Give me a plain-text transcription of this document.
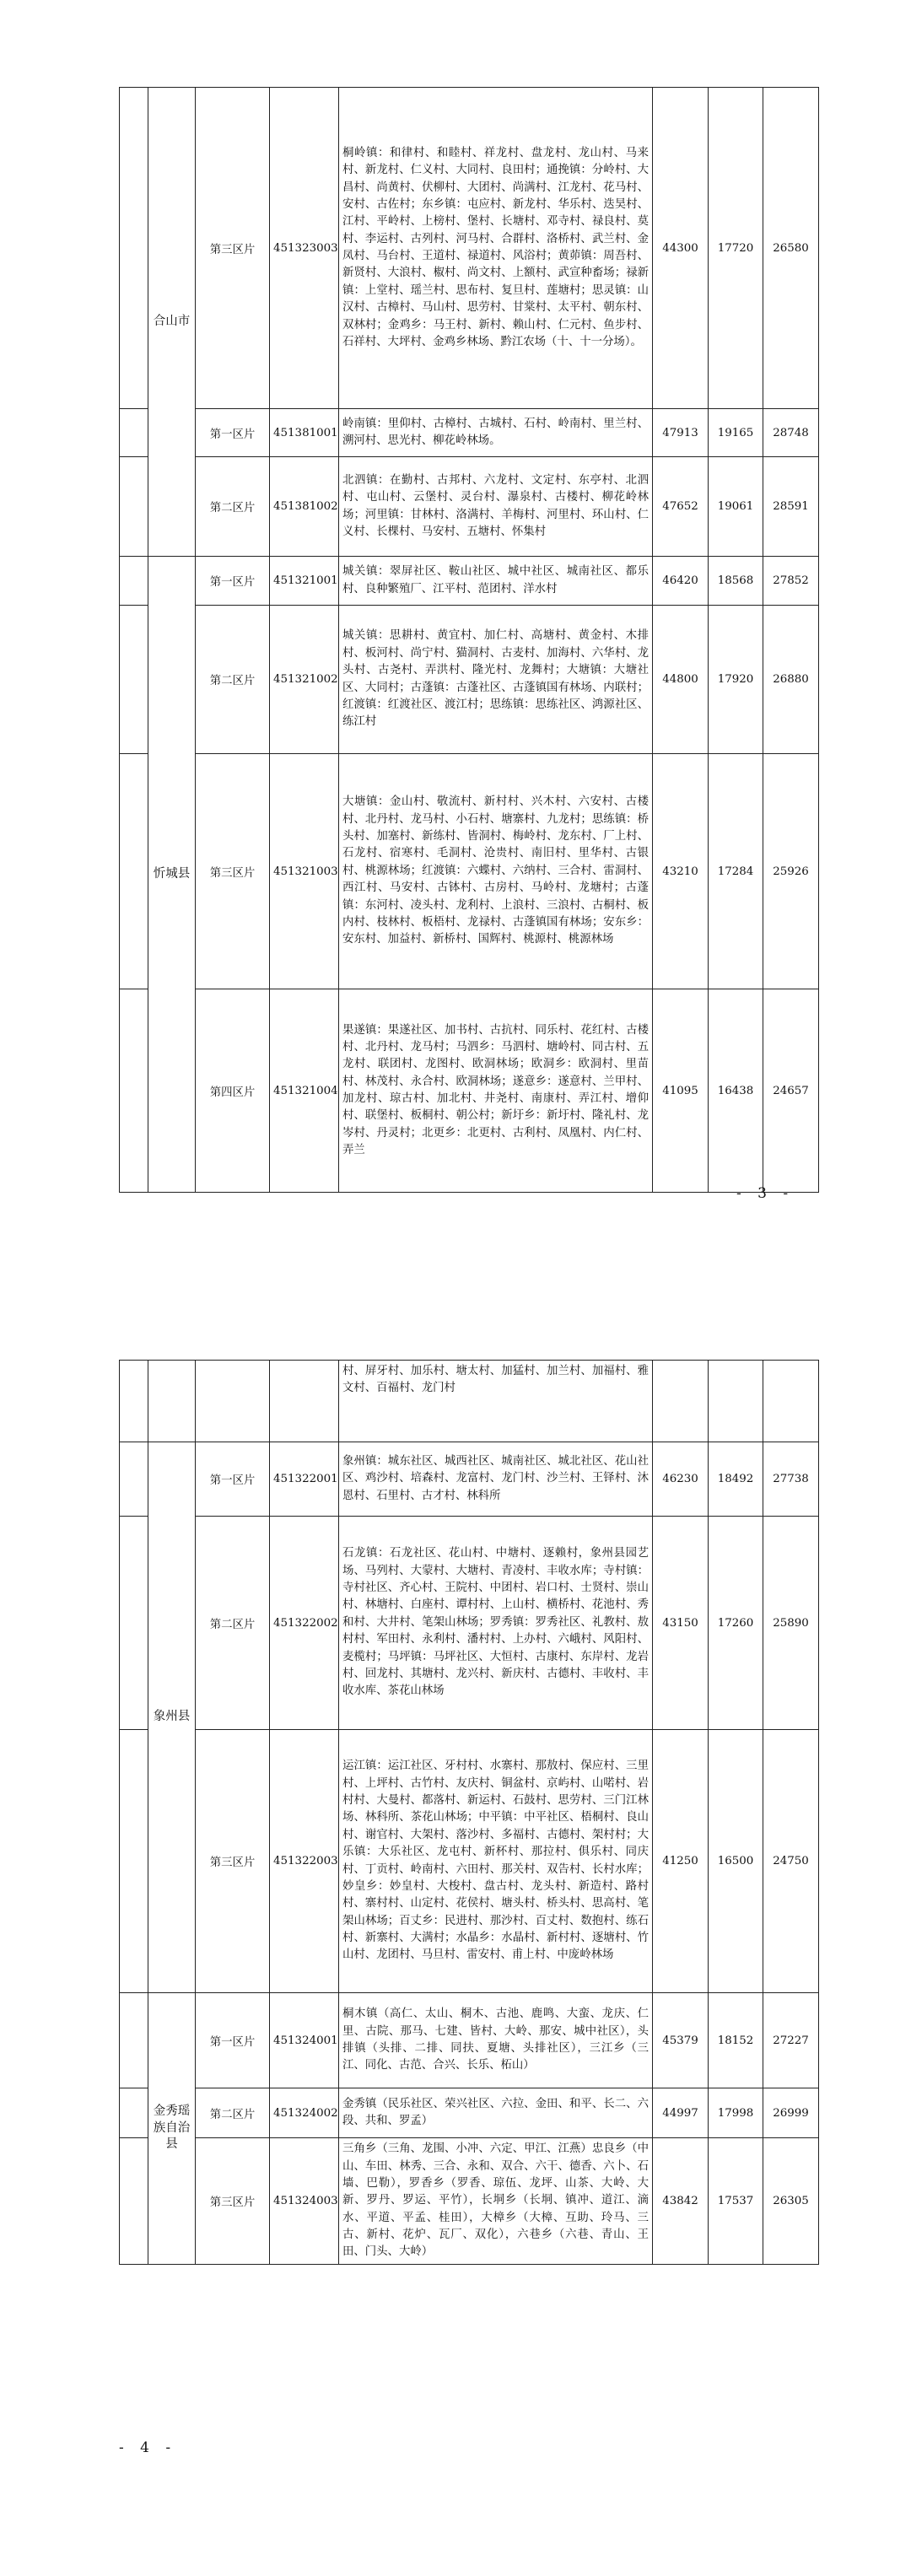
	合山市	第三区片	451323003	桐岭镇：和律村、和睦村、祥龙村、盘龙村、龙山村、马来村、新龙村、仁义村、大同村、良田村；通挽镇：分岭村、大昌村、尚黄村、伏柳村、大团村、尚满村、江龙村、花马村、安村、古佐村；东乡镇：屯应村、新龙村、华乐村、迭昊村、江村、平岭村、上榜村、堡村、长塘村、邓寺村、禄良村、莫村、李运村、古列村、河马村、合群村、洛桥村、武兰村、金凤村、马台村、王道村、禄道村、风浴村；黄茆镇：周吾村、新贤村、大浪村、椒村、尚文村、上额村、武宣种畜场；禄新镇：上堂村、瑶兰村、思布村、复旦村、莲塘村；思灵镇：山汉村、古樟村、马山村、思劳村、甘棠村、太平村、朝东村、双林村；金鸡乡：马王村、新村、赖山村、仁元村、鱼步村、石祥村、大坪村、金鸡乡林场、黔江农场（十、十一分场）。	44300	17720	26580
		第一区片	451381001	岭南镇：里仰村、古樟村、古城村、石村、岭南村、里兰村、溯河村、思光村、柳花岭林场。	47913	19165	28748
		第二区片	451381002	北泗镇：在勤村、古邦村、六龙村、文定村、东亭村、北泗村、屯山村、云堡村、灵台村、瀑泉村、古楼村、柳花岭林场；河里镇：甘林村、洛满村、羊梅村、河里村、环山村、仁义村、长棵村、马安村、五塘村、怀集村	47652	19061	28591
	忻城县	第一区片	451321001	城关镇：翠屏社区、鞍山社区、城中社区、城南社区、都乐村、良种繁殖厂、江平村、范团村、洋水村	46420	18568	27852
		第二区片	451321002	城关镇：思耕村、黄宜村、加仁村、高塘村、黄金村、木排村、板河村、尚宁村、猫洞村、古麦村、加海村、六华村、龙头村、古尧村、弄洪村、隆光村、龙舞村；大塘镇：大塘社区、大同村；古蓬镇：古蓬社区、古蓬镇国有林场、内联村；红渡镇：红渡社区、渡江村；思练镇：思练社区、鸿源社区、练江村	44800	17920	26880
		第三区片	451321003	大塘镇：金山村、敬流村、新村村、兴木村、六安村、古楼村、北丹村、龙马村、小石村、塘寨村、九龙村；思练镇：桥头村、加塞村、新练村、皆洞村、梅岭村、龙东村、厂上村、石龙村、宿寒村、毛洞村、沧贵村、南旧村、里华村、古银村、桃源林场；红渡镇：六蝶村、六纳村、三合村、雷洞村、西江村、马安村、古钵村、古房村、马岭村、龙塘村；古蓬镇：东河村、凌头村、龙利村、上浪村、三浪村、古桐村、板内村、枝林村、板梧村、龙禄村、古蓬镇国有林场；安东乡：安东村、加益村、新桥村、国辉村、桃源村、桃源林场	43210	17284	25926
		第四区片	451321004	果遂镇：果遂社区、加书村、古抗村、同乐村、花红村、古楼村、北丹村、龙马村；马泗乡：马泗村、塘岭村、同古村、五龙村、联团村、龙图村、欧洞林场；欧洞乡：欧洞村、里苗村、林茂村、永合村、欧洞林场；遂意乡：遂意村、兰甲村、加龙村、琼古村、加北村、井尧村、南康村、弄江村、增仰村、联堡村、板桐村、朝公村；新圩乡：新圩村、隆礼村、龙岑村、丹灵村；北更乡：北更村、古利村、凤凰村、内仁村、弄兰	41095	16438	24657
- 3 -
				村、屏牙村、加乐村、塘太村、加猛村、加兰村、加福村、雅文村、百福村、龙门村			
	象州县	第一区片	451322001	象州镇：城东社区、城西社区、城南社区、城北社区、花山社区、鸡沙村、培森村、龙富村、龙门村、沙兰村、王铎村、沐恩村、石里村、古才村、林科所	46230	18492	27738
		第二区片	451322002	石龙镇：石龙社区、花山村、中塘村、逐赖村，象州县园艺场、马列村、大蒙村、大塘村、青凌村、丰收水库；寺村镇：寺村社区、齐心村、王院村、中团村、岩口村、士贤村、崇山村、林塘村、白座村、谭村村、上山村、横桥村、花池村、秀和村、大井村、笔架山林场；罗秀镇：罗秀社区、礼教村、敖村村、军田村、永利村、潘村村、上办村、六峨村、风阳村、麦榄村；马坪镇：马坪社区、大恒村、古康村、东岸村、龙岩村、回龙村、其塘村、龙兴村、新庆村、古德村、丰收村、丰收水库、茶花山林场	43150	17260	25890
		第三区片	451322003	运江镇：运江社区、牙村村、水寨村、那敖村、保应村、三里村、上坪村、古竹村、友庆村、铜盆村、京屿村、山喏村、岩村村、大曼村、都落村、新运村、石鼓村、思劳村、三门江林场、林科所、茶花山林场；中平镇：中平社区、梧桐村、良山村、谢官村、大架村、落沙村、多福村、古德村、架村村；大乐镇：大乐社区、龙屯村、新杯村、那拉村、俱乐村、同庆村、丁贡村、岭南村、六田村、那关村、双告村、长村水库；妙皇乡：妙皇村、大梭村、盘古村、龙头村、新造村、路村村、寨村村、山定村、花侯村、塘头村、桥头村、思高村、笔架山林场；百丈乡：民进村、那沙村、百丈村、数抱村、练石村、新寨村、大满村；水晶乡：水晶村、新村村、逐塘村、竹山村、龙团村、马旦村、雷安村、甫上村、中庞岭林场	41250	16500	24750
	金秀瑶族自治县	第一区片	451324001	桐木镇（高仁、太山、桐木、古池、鹿鸣、大蛮、龙庆、仁里、古院、那马、七建、皆村、大岭、那安、城中社区），头排镇（头排、二排、同扶、夏塘、头排社区），三江乡（三江、同化、古范、合兴、长乐、柘山）	45379	18152	27227
		第二区片	451324002	金秀镇（民乐社区、荣兴社区、六拉、金田、和平、长二、六段、共和、罗孟）	44997	17998	26999
		第三区片	451324003	三角乡（三角、龙围、小冲、六定、甲江、江燕）忠良乡（中山、车田、林秀、三合、永和、双合、六干、德香、六卜、石墙、巴勒），罗香乡（罗香、琼伍、龙坪、山茶、大岭、大新、罗丹、罗运、平竹），长垌乡（长垌、镇冲、道江、滴水、平道、平孟、桂田），大樟乡（大樟、互助、玲马、三古、新村、花炉、瓦厂、双化），六巷乡（六巷、青山、王田、门头、大岭）	43842	17537	26305
- 4 -
